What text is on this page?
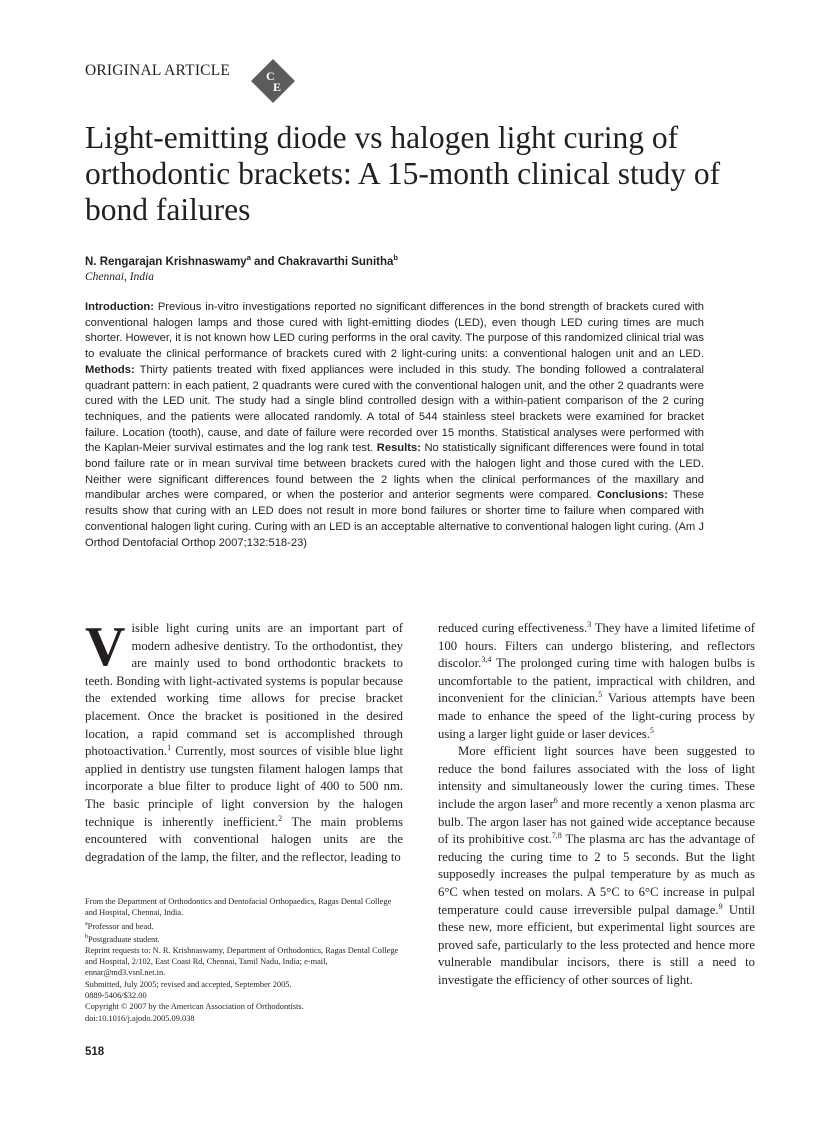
ORIGINAL ARTICLE	C
E
Light-emitting diode vs halogen light curing of orthodontic brackets: A 15-month clinical study of bond failures
N. Rengarajan Krishnaswamy$^a$ and Chakravarthi Sunitha$^b$
Chennai, India

Introduction: Previous in-vitro investigations reported no significant differences in the bond strength of brackets cured with conventional halogen lamps and those cured with light-emitting diodes (LED), even though LED curing times are much shorter. However, it is not known how LED curing performs in the oral cavity. The purpose of this randomized clinical trial was to evaluate the clinical performance of brackets cured with 2 light-curing units: a conventional halogen unit and an LED. Methods: Thirty patients treated with fixed appliances were included in this study. The bonding followed a contralateral quadrant pattern: in each patient, 2 quadrants were cured with the conventional halogen unit, and the other 2 quadrants were cured with the LED unit. The study had a single blind controlled design with a within-patient comparison of the 2 curing techniques, and the patients were allocated randomly. A total of 544 stainless steel brackets were examined for bracket failure. Location (tooth), cause, and date of failure were recorded over 15 months. Statistical analyses were performed with the Kaplan-Meier survival estimates and the log rank test. Results: No statistically significant differences were found in total bond failure rate or in mean survival time between brackets cured with the halogen light and those cured with the LED. Neither were significant differences found between the 2 lights when the clinical performances of the maxillary and mandibular arches were compared, or when the posterior and anterior segments were compared. Conclusions: These results show that curing with an LED does not result in more bond failures or shorter time to failure when compared with conventional halogen light curing. Curing with an LED is an acceptable alternative to conventional halogen light curing. (Am J Orthod Dentofacial Orthop 2007;132:518-23)

Visible light curing units are an important part of modern adhesive dentistry. To the orthodontist, they are mainly used to bond orthodontic brackets to teeth. Bonding with light-activated systems is popular because the extended working time allows for precise bracket placement. Once the bracket is positioned in the desired location, a rapid command set is accomplished through photoactivation.$^1$ Currently, most sources of visible blue light applied in dentistry use tungsten filament halogen lamps that incorporate a blue filter to produce light of 400 to 500 nm. The basic principle of light conversion by the halogen technique is inherently inefficient.$^2$ The main problems encountered with conventional halogen units are the degradation of the lamp, the filter, and the reflector, leading to

reduced curing effectiveness.$^3$ They have a limited lifetime of 100 hours. Filters can undergo blistering, and reflectors discolor.$^{3,4}$ The prolonged curing time with halogen bulbs is uncomfortable to the patient, impractical with children, and inconvenient for the clinician.$^5$ Various attempts have been made to enhance the speed of the light-curing process by using a larger light guide or laser devices.$^5$

More efficient light sources have been suggested to reduce the bond failures associated with the loss of light intensity and simultaneously lower the curing times. These include the argon laser$^6$ and more recently a xenon plasma arc bulb. The argon laser has not gained wide acceptance because of its prohibitive cost.$^{7,8}$ The plasma arc has the advantage of reducing the curing time to 2 to 5 seconds. But the light supposedly increases the pulpal temperature by as much as 6°C when tested on molars. A 5°C to 6°C increase in pulpal temperature could cause irreversible pulpal damage.$^9$ Until these new, more efficient, but experimental light sources are proved safe, particularly to the less protected and hence more vulnerable mandibular incisors, there is still a need to investigate the efficiency of other sources of light.

From the Department of Orthodontics and Dentofacial Orthopaedics, Ragas Dental College and Hospital, Chennai, India.
$^a$Professor and head.
$^b$Postgraduate student.
Reprint requests to: N. R. Krishnaswamy, Department of Orthodontics, Ragas Dental College and Hospital, 2/102, East Coast Rd, Chennai, Tamil Nadu, India; e-mail, ennar@md3.vsnl.net.in.
Submitted, July 2005; revised and accepted, September 2005.
0889-5406/$32.00
Copyright © 2007 by the American Association of Orthodontists.
doi:10.1016/j.ajodo.2005.09.038
518
